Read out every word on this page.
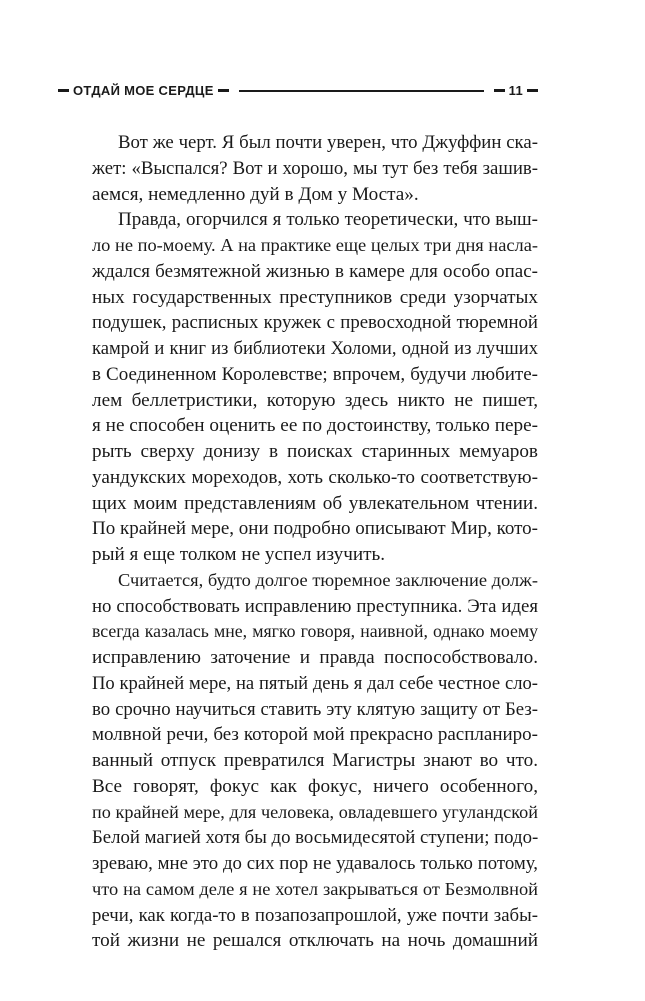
ОТДАЙ МОЕ СЕРДЦЕ	11
Вот же черт. Я был почти уверен, что Джуффин ска-
жет: «Выспался? Вот и хорошо, мы тут без тебя зашив-
аемся, немедленно дуй в Дом у Моста».
Правда, огорчился я только теоретически, что выш-
ло не по-моему. А на практике еще целых три дня насла-
ждался безмятежной жизнью в камере для особо опас-
ных государственных преступников среди узорчатых
подушек, расписных кружек с превосходной тюремной
камрой и книг из библиотеки Холоми, одной из лучших
в Соединенном Королевстве; впрочем, будучи любите-
лем беллетристики, которую здесь никто не пишет,
я не способен оценить ее по достоинству, только пере-
рыть сверху донизу в поисках старинных мемуаров
уандукских мореходов, хоть сколько-то соответствую-
щих моим представлениям об увлекательном чтении.
По крайней мере, они подробно описывают Мир, кото-
рый я еще толком не успел изучить.
Считается, будто долгое тюремное заключение долж-
но способствовать исправлению преступника. Эта идея
всегда казалась мне, мягко говоря, наивной, однако моему
исправлению заточение и правда поспособствовало.
По крайней мере, на пятый день я дал себе честное сло-
во срочно научиться ставить эту клятую защиту от Без-
молвной речи, без которой мой прекрасно распланиро-
ванный отпуск превратился Магистры знают во что.
Все говорят, фокус как фокус, ничего особенного,
по крайней мере, для человека, овладевшего угуландской
Белой магией хотя бы до восьмидесятой ступени; подо-
зреваю, мне это до сих пор не удавалось только потому,
что на самом деле я не хотел закрываться от Безмолвной
речи, как когда-то в позапозапрошлой, уже почти забы-
той жизни не решался отключать на ночь домашний
